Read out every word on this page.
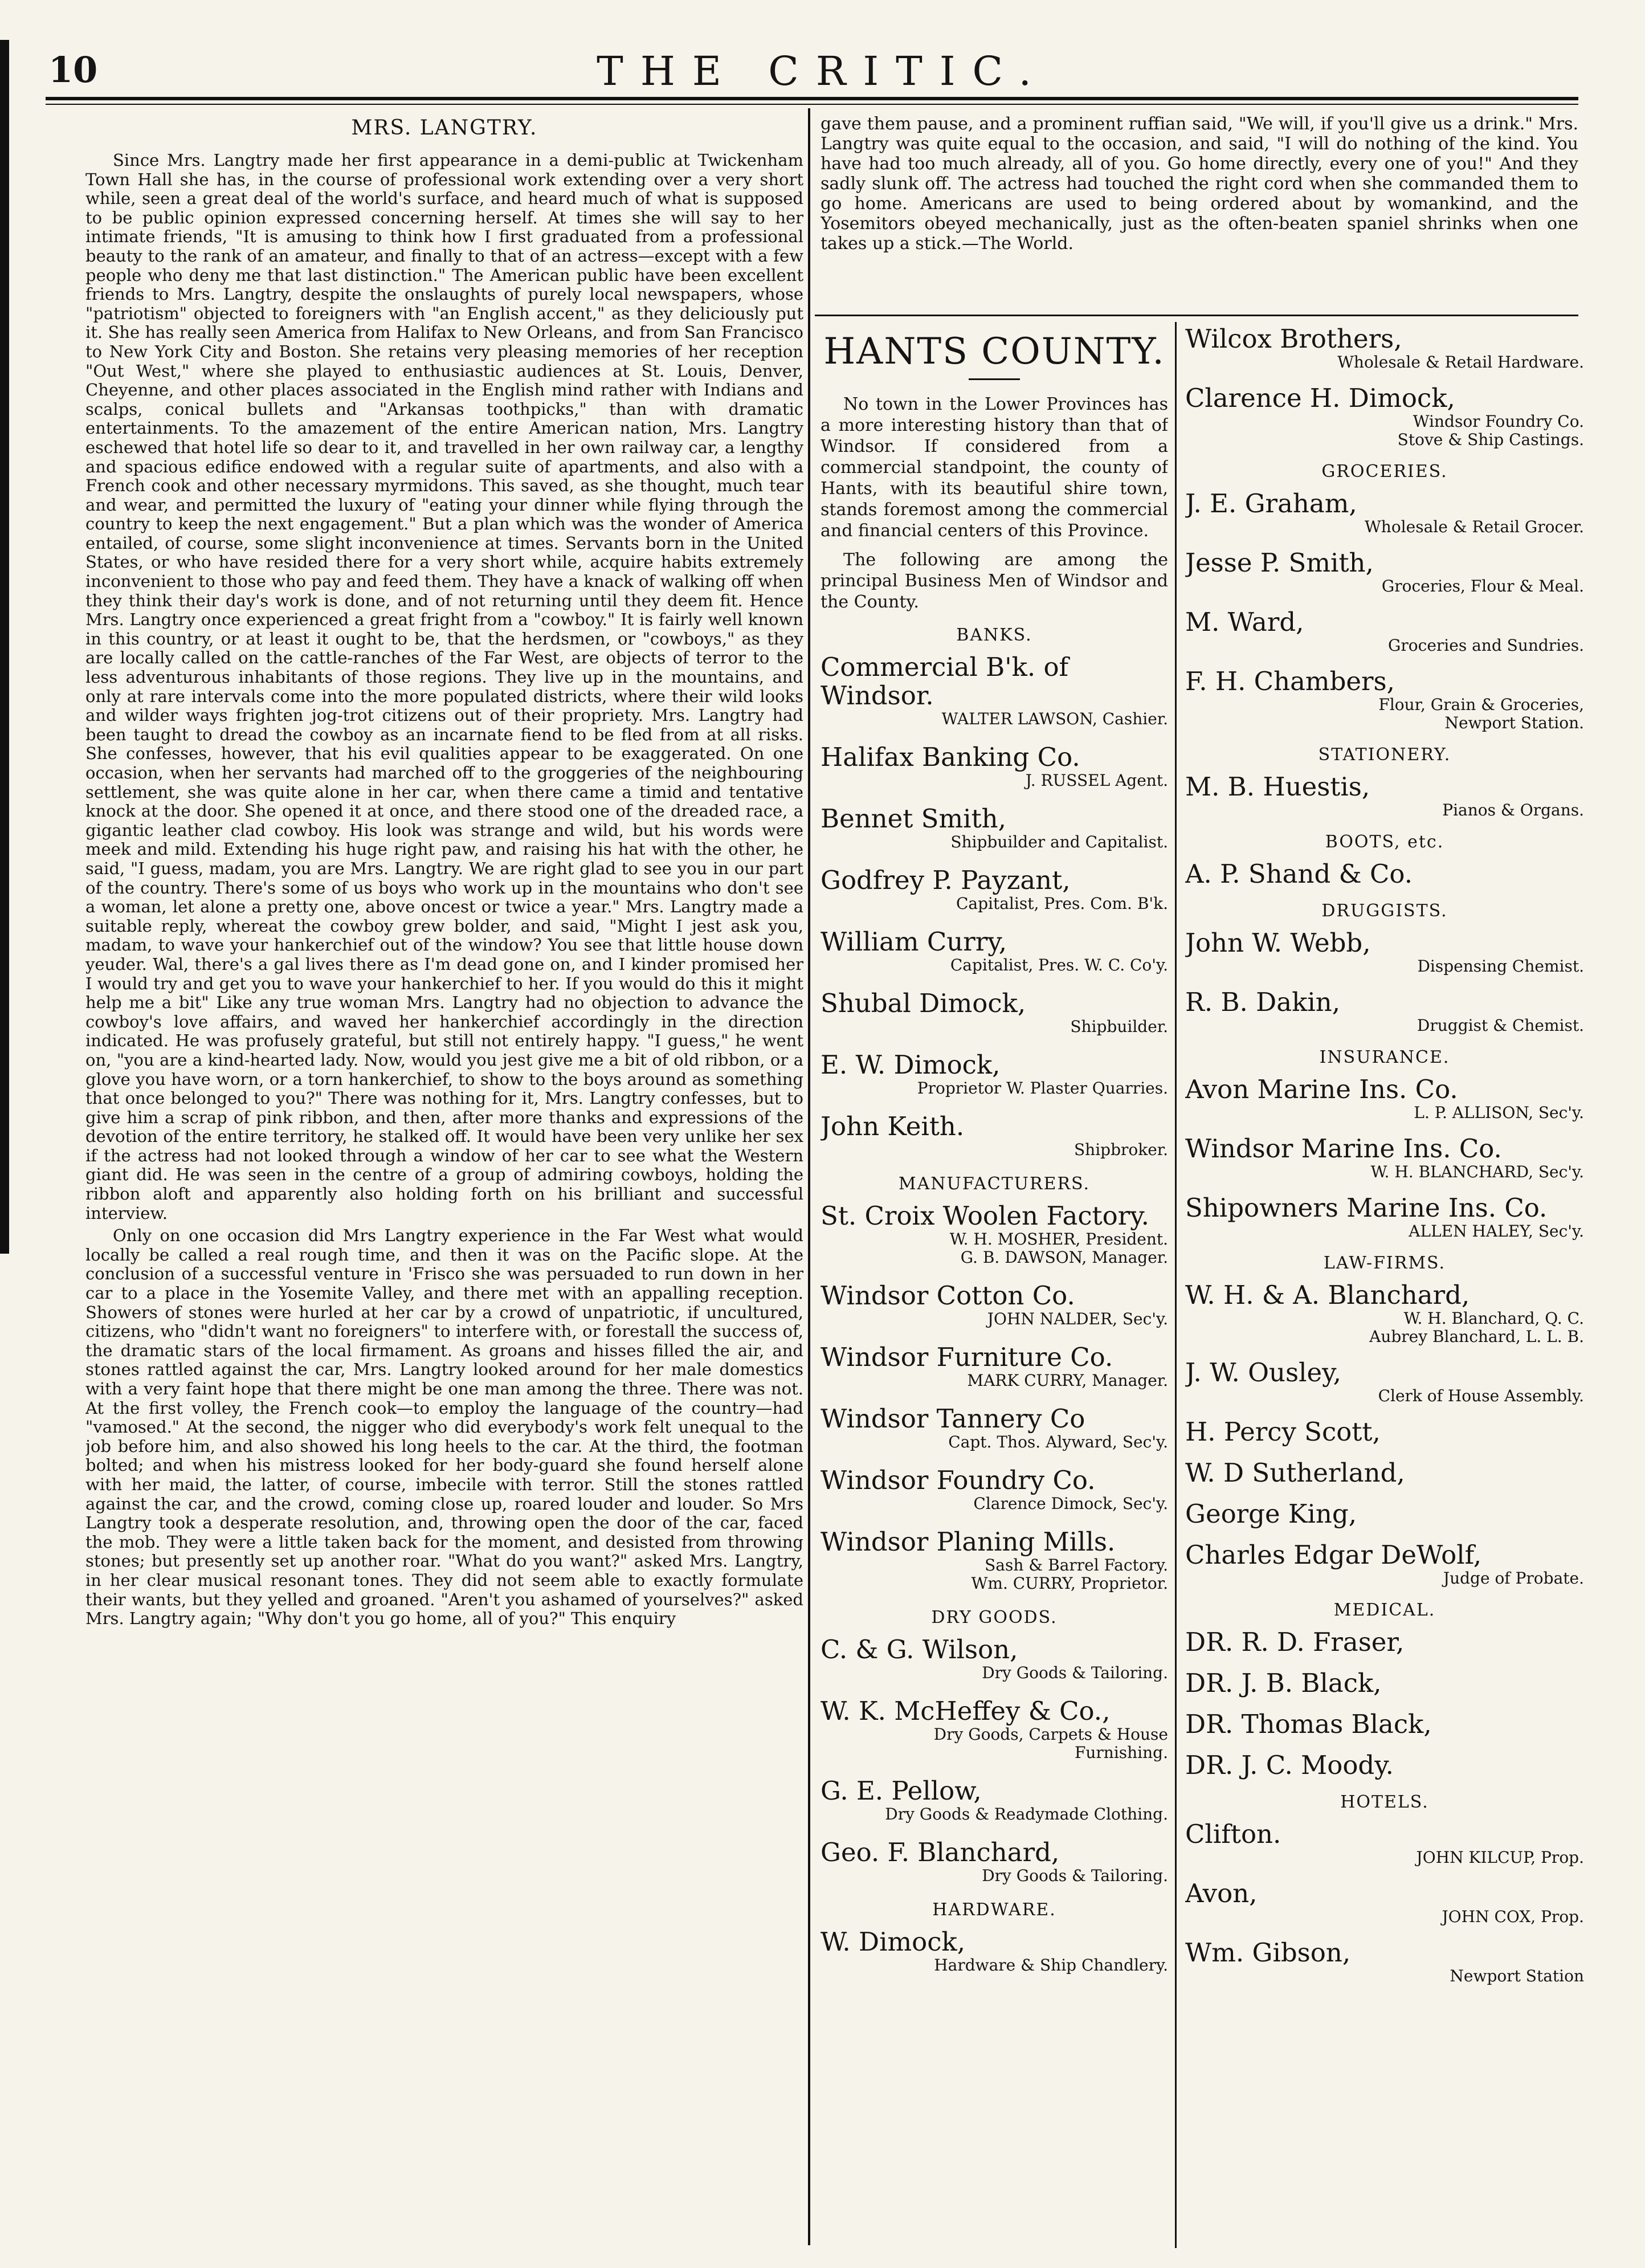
10	THE CRITIC.
MRS. LANGTRY.

Since Mrs. Langtry made her first appearance in a demi-public at Twickenham Town Hall she has, in the course of professional work extending over a very short while, seen a great deal of the world's surface, and heard much of what is supposed to be public opinion expressed concerning herself. At times she will say to her intimate friends, "It is amusing to think how I first graduated from a professional beauty to the rank of an amateur, and finally to that of an actress—except with a few people who deny me that last distinction." The American public have been excellent friends to Mrs. Langtry, despite the onslaughts of purely local newspapers, whose "patriotism" objected to foreigners with "an English accent," as they deliciously put it. She has really seen America from Halifax to New Orleans, and from San Francisco to New York City and Boston. She retains very pleasing memories of her reception "Out West," where she played to enthusiastic audiences at St. Louis, Denver, Cheyenne, and other places associated in the English mind rather with Indians and scalps, conical bullets and "Arkansas toothpicks," than with dramatic entertainments. To the amazement of the entire American nation, Mrs. Langtry eschewed that hotel life so dear to it, and travelled in her own railway car, a lengthy and spacious edifice endowed with a regular suite of apartments, and also with a French cook and other necessary myrmidons. This saved, as she thought, much tear and wear, and permitted the luxury of "eating your dinner while flying through the country to keep the next engagement." But a plan which was the wonder of America entailed, of course, some slight inconvenience at times. Servants born in the United States, or who have resided there for a very short while, acquire habits extremely inconvenient to those who pay and feed them. They have a knack of walking off when they think their day's work is done, and of not returning until they deem fit. Hence Mrs. Langtry once experienced a great fright from a "cowboy." It is fairly well known in this country, or at least it ought to be, that the herdsmen, or "cowboys," as they are locally called on the cattle-ranches of the Far West, are objects of terror to the less adventurous inhabitants of those regions. They live up in the mountains, and only at rare intervals come into the more populated districts, where their wild looks and wilder ways frighten jog-trot citizens out of their propriety. Mrs. Langtry had been taught to dread the cowboy as an incarnate fiend to be fled from at all risks. She confesses, however, that his evil qualities appear to be exaggerated. On one occasion, when her servants had marched off to the groggeries of the neighbouring settlement, she was quite alone in her car, when there came a timid and tentative knock at the door. She opened it at once, and there stood one of the dreaded race, a gigantic leather clad cowboy. His look was strange and wild, but his words were meek and mild. Extending his huge right paw, and raising his hat with the other, he said, "I guess, madam, you are Mrs. Langtry. We are right glad to see you in our part of the country. There's some of us boys who work up in the mountains who don't see a woman, let alone a pretty one, above oncest or twice a year." Mrs. Langtry made a suitable reply, whereat the cowboy grew bolder, and said, "Might I jest ask you, madam, to wave your hankerchief out of the window? You see that little house down yeuder. Wal, there's a gal lives there as I'm dead gone on, and I kinder promised her I would try and get you to wave your hankerchief to her. If you would do this it might help me a bit" Like any true woman Mrs. Langtry had no objection to advance the cowboy's love affairs, and waved her hankerchief accordingly in the direction indicated. He was profusely grateful, but still not entirely happy. "I guess," he went on, "you are a kind-hearted lady. Now, would you jest give me a bit of old ribbon, or a glove you have worn, or a torn hankerchief, to show to the boys around as something that once belonged to you?" There was nothing for it, Mrs. Langtry confesses, but to give him a scrap of pink ribbon, and then, after more thanks and expressions of the devotion of the entire territory, he stalked off. It would have been very unlike her sex if the actress had not looked through a window of her car to see what the Western giant did. He was seen in the centre of a group of admiring cowboys, holding the ribbon aloft and apparently also holding forth on his brilliant and successful interview.

Only on one occasion did Mrs Langtry experience in the Far West what would locally be called a real rough time, and then it was on the Pacific slope. At the conclusion of a successful venture in 'Frisco she was persuaded to run down in her car to a place in the Yosemite Valley, and there met with an appalling reception. Showers of stones were hurled at her car by a crowd of unpatriotic, if uncultured, citizens, who "didn't want no foreigners" to interfere with, or forestall the success of, the dramatic stars of the local firmament. As groans and hisses filled the air, and stones rattled against the car, Mrs. Langtry looked around for her male domestics with a very faint hope that there might be one man among the three. There was not. At the first volley, the French cook—to employ the language of the country—had "vamosed." At the second, the nigger who did everybody's work felt unequal to the job before him, and also showed his long heels to the car. At the third, the footman bolted; and when his mistress looked for her body-guard she found herself alone with her maid, the latter, of course, imbecile with terror. Still the stones rattled against the car, and the crowd, coming close up, roared louder and louder. So Mrs Langtry took a desperate resolution, and, throwing open the door of the car, faced the mob. They were a little taken back for the moment, and desisted from throwing stones; but presently set up another roar. "What do you want?" asked Mrs. Langtry, in her clear musical resonant tones. They did not seem able to exactly formulate their wants, but they yelled and groaned. "Aren't you ashamed of yourselves?" asked Mrs. Langtry again; "Why don't you go home, all of you?" This enquiry

gave them pause, and a prominent ruffian said, "We will, if you'll give us a drink." Mrs. Langtry was quite equal to the occasion, and said, "I will do nothing of the kind. You have had too much already, all of you. Go home directly, every one of you!" And they sadly slunk off. The actress had touched the right cord when she commanded them to go home. Americans are used to being ordered about by womankind, and the Yosemitors obeyed mechanically, just as the often-beaten spaniel shrinks when one takes up a stick.—The World.

HANTS COUNTY.

No town in the Lower Provinces has a more interesting history than that of Windsor. If considered from a commercial standpoint, the county of Hants, with its beautiful shire town, stands foremost among the commercial and financial centers of this Province.

The following are among the principal Business Men of Windsor and the County.

BANKS.
Commercial B'k. of Windsor.
WALTER LAWSON, Cashier.
Halifax Banking Co.
J. RUSSEL Agent.
Bennet Smith,
Shipbuilder and Capitalist.
Godfrey P. Payzant,
Capitalist, Pres. Com. B'k.
William Curry,
Capitalist, Pres. W. C. Co'y.
Shubal Dimock,
Shipbuilder.
E. W. Dimock,
Proprietor W. Plaster Quarries.
John Keith.
Shipbroker.
MANUFACTURERS.
St. Croix Woolen Factory.
W. H. MOSHER, President.
G. B. DAWSON, Manager.
Windsor Cotton Co.
JOHN NALDER, Sec'y.
Windsor Furniture Co.
MARK CURRY, Manager.
Windsor Tannery Co
Capt. Thos. Alyward, Sec'y.
Windsor Foundry Co.
Clarence Dimock, Sec'y.
Windsor Planing Mills.
Sash & Barrel Factory.
Wm. CURRY, Proprietor.
DRY GOODS.
C. & G. Wilson,
Dry Goods & Tailoring.
W. K. McHeffey & Co.,
Dry Goods, Carpets & House
Furnishing.
G. E. Pellow,
Dry Goods & Readymade Clothing.
Geo. F. Blanchard,
Dry Goods & Tailoring.
HARDWARE.
W. Dimock,
Hardware & Ship Chandlery.
Wilcox Brothers,
Wholesale & Retail Hardware.
Clarence H. Dimock,
Windsor Foundry Co.
Stove & Ship Castings.
GROCERIES.
J. E. Graham,
Wholesale & Retail Grocer.
Jesse P. Smith,
Groceries, Flour & Meal.
M. Ward,
Groceries and Sundries.
F. H. Chambers,
Flour, Grain & Groceries,
Newport Station.
STATIONERY.
M. B. Huestis,
Pianos & Organs.
BOOTS, etc.
A. P. Shand & Co.
DRUGGISTS.
John W. Webb,
Dispensing Chemist.
R. B. Dakin,
Druggist & Chemist.
INSURANCE.
Avon Marine Ins. Co.
L. P. ALLISON, Sec'y.
Windsor Marine Ins. Co.
W. H. BLANCHARD, Sec'y.
Shipowners Marine Ins. Co.
ALLEN HALEY, Sec'y.
LAW-FIRMS.
W. H. & A. Blanchard,
W. H. Blanchard, Q. C.
Aubrey Blanchard, L. L. B.
J. W. Ousley,
Clerk of House Assembly.
H. Percy Scott,
W. D Sutherland,
George King,
Charles Edgar DeWolf,
Judge of Probate.
MEDICAL.
DR. R. D. Fraser,
DR. J. B. Black,
DR. Thomas Black,
DR. J. C. Moody.
HOTELS.
Clifton.
JOHN KILCUP, Prop.
Avon,
JOHN COX, Prop.
Wm. Gibson,
Newport Station
